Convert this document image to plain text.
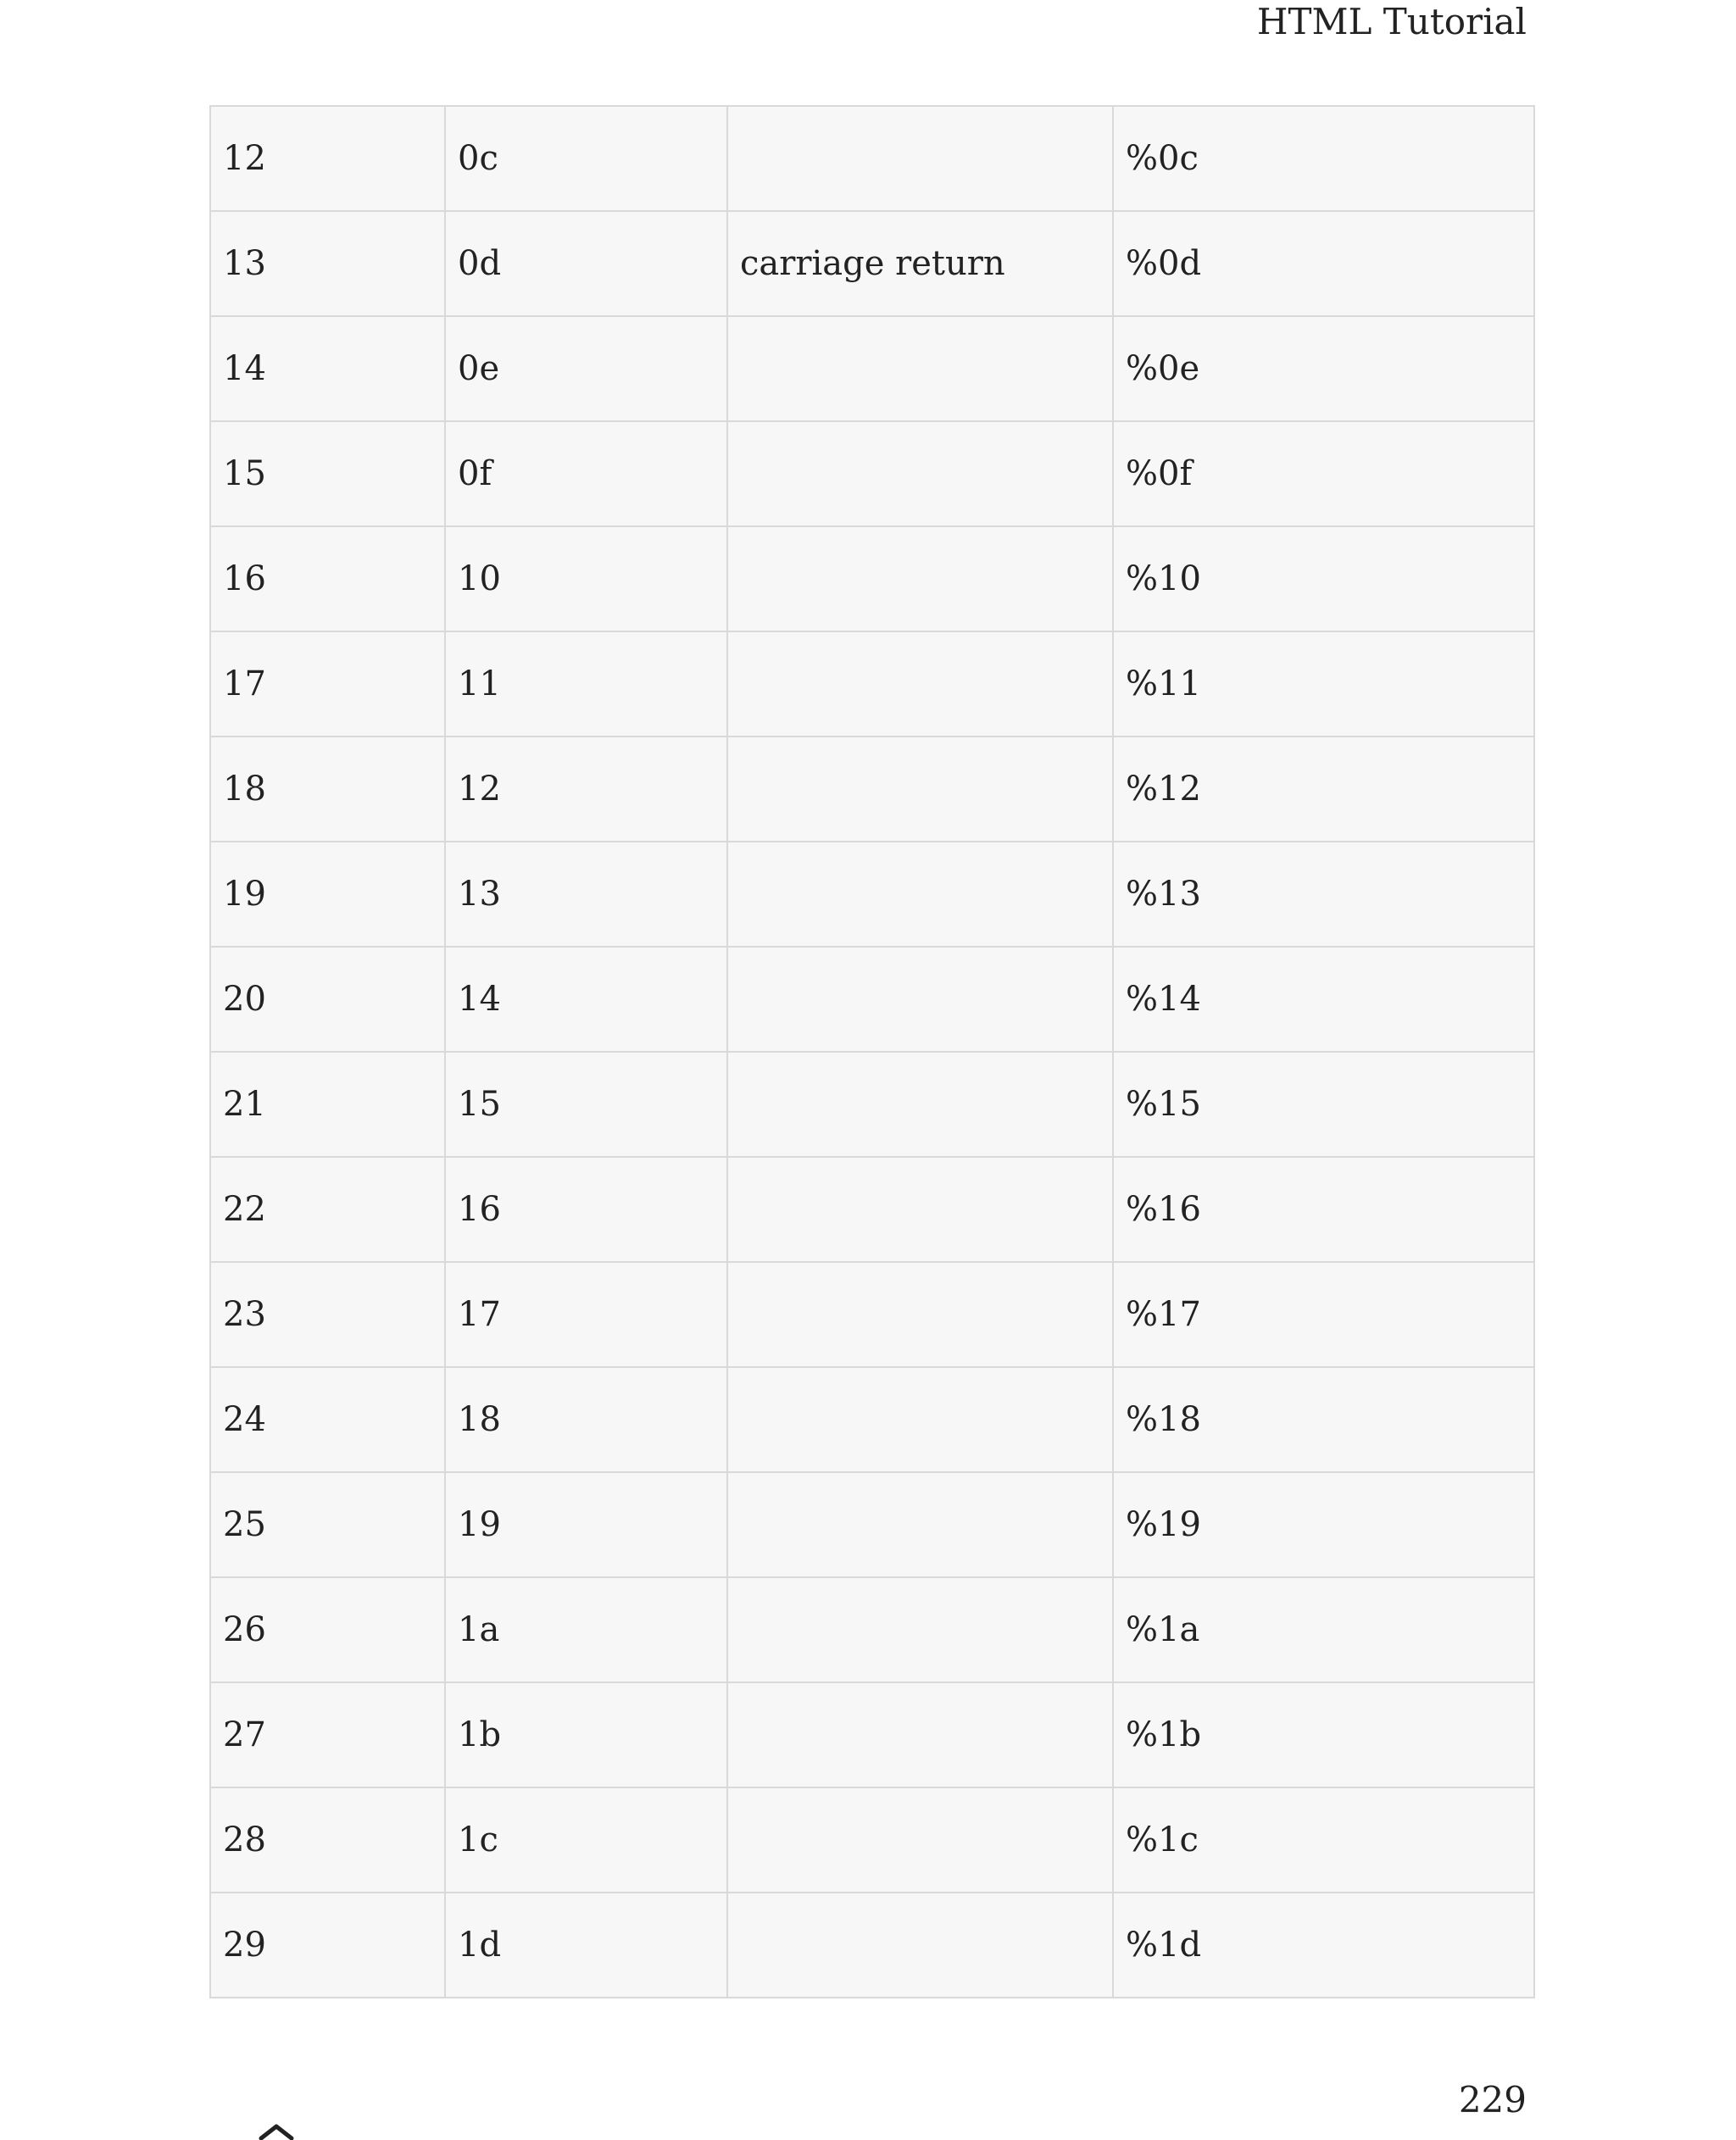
HTML Tutorial
12	0c		%0c
13	0d	carriage return	%0d
14	0e		%0e
15	0f		%0f
16	10		%10
17	11		%11
18	12		%12
19	13		%13
20	14		%14
21	15		%15
22	16		%16
23	17		%17
24	18		%18
25	19		%19
26	1a		%1a
27	1b		%1b
28	1c		%1c
29	1d		%1d
229
